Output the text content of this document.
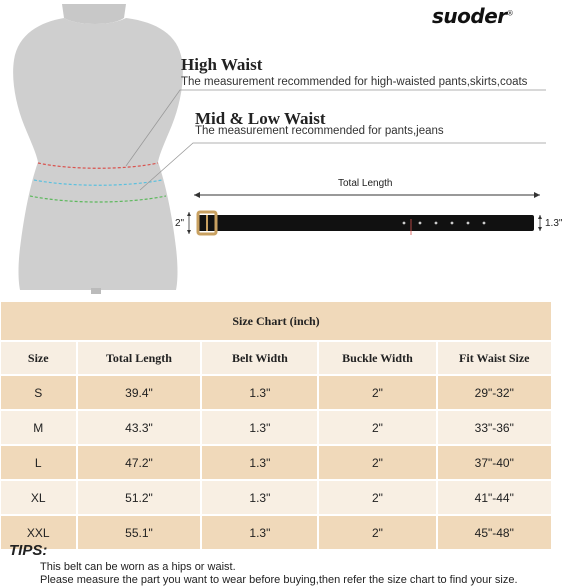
suoder®
High Waist
The measurement recommended for high-waisted pants,skirts,coats
Mid & Low Waist
The measurement recommended for pants,jeans
Total Length
2"	1.3"
Size Chart (inch)				
Size	Total Length	Belt Width	Buckle Width	Fit Waist Size
S	39.4"	1.3"	2"	29"-32"
M	43.3"	1.3"	2"	33"-36"
L	47.2"	1.3"	2"	37"-40"
XL	51.2"	1.3"	2"	41"-44"
XXL	55.1"	1.3"	2"	45"-48"
TIPS:
This belt can be worn as a hips or waist.
Please measure the part you want to wear before buying,then refer the size chart to find your size.
